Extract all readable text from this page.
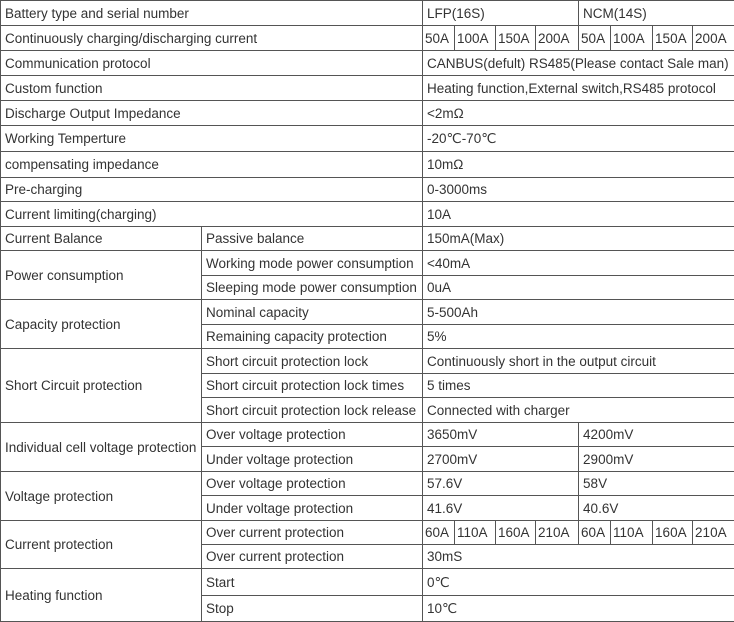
Battery type and serial number		LFP(16S)				NCM(14S)			
Continuously charging/discharging current		50A	100A	150A	200A	50A	100A	150A	200A
Communication protocol		CANBUS(defult) RS485(Please contact Sale man)							
Custom function		Heating function,External switch,RS485 protocol							
Discharge Output Impedance		<2mΩ							
Working Temperture		-20℃-70℃							
compensating impedance		10mΩ							
Pre-charging		0-3000ms							
Current limiting(charging)		10A							
Current Balance	Passive balance	150mA(Max)							
Power consumption	Working mode power consumption	<40mA							
	Sleeping mode power consumption	0uA							
Capacity protection	Nominal capacity	5-500Ah							
	Remaining capacity protection	5%							
Short Circuit protection	Short circuit protection lock	Continuously short in the output circuit							
	Short circuit protection lock times	5 times							
	Short circuit protection lock release	Connected with charger							
Individual cell voltage protection	Over voltage protection	3650mV				4200mV			
	Under voltage protection	2700mV				2900mV			
Voltage protection	Over voltage protection	57.6V				58V			
	Under voltage protection	41.6V				40.6V			
Current protection	Over current protection	60A	110A	160A	210A	60A	110A	160A	210A
	Over current protection	30mS							
Heating function	Start	0℃							
	Stop	10℃							
